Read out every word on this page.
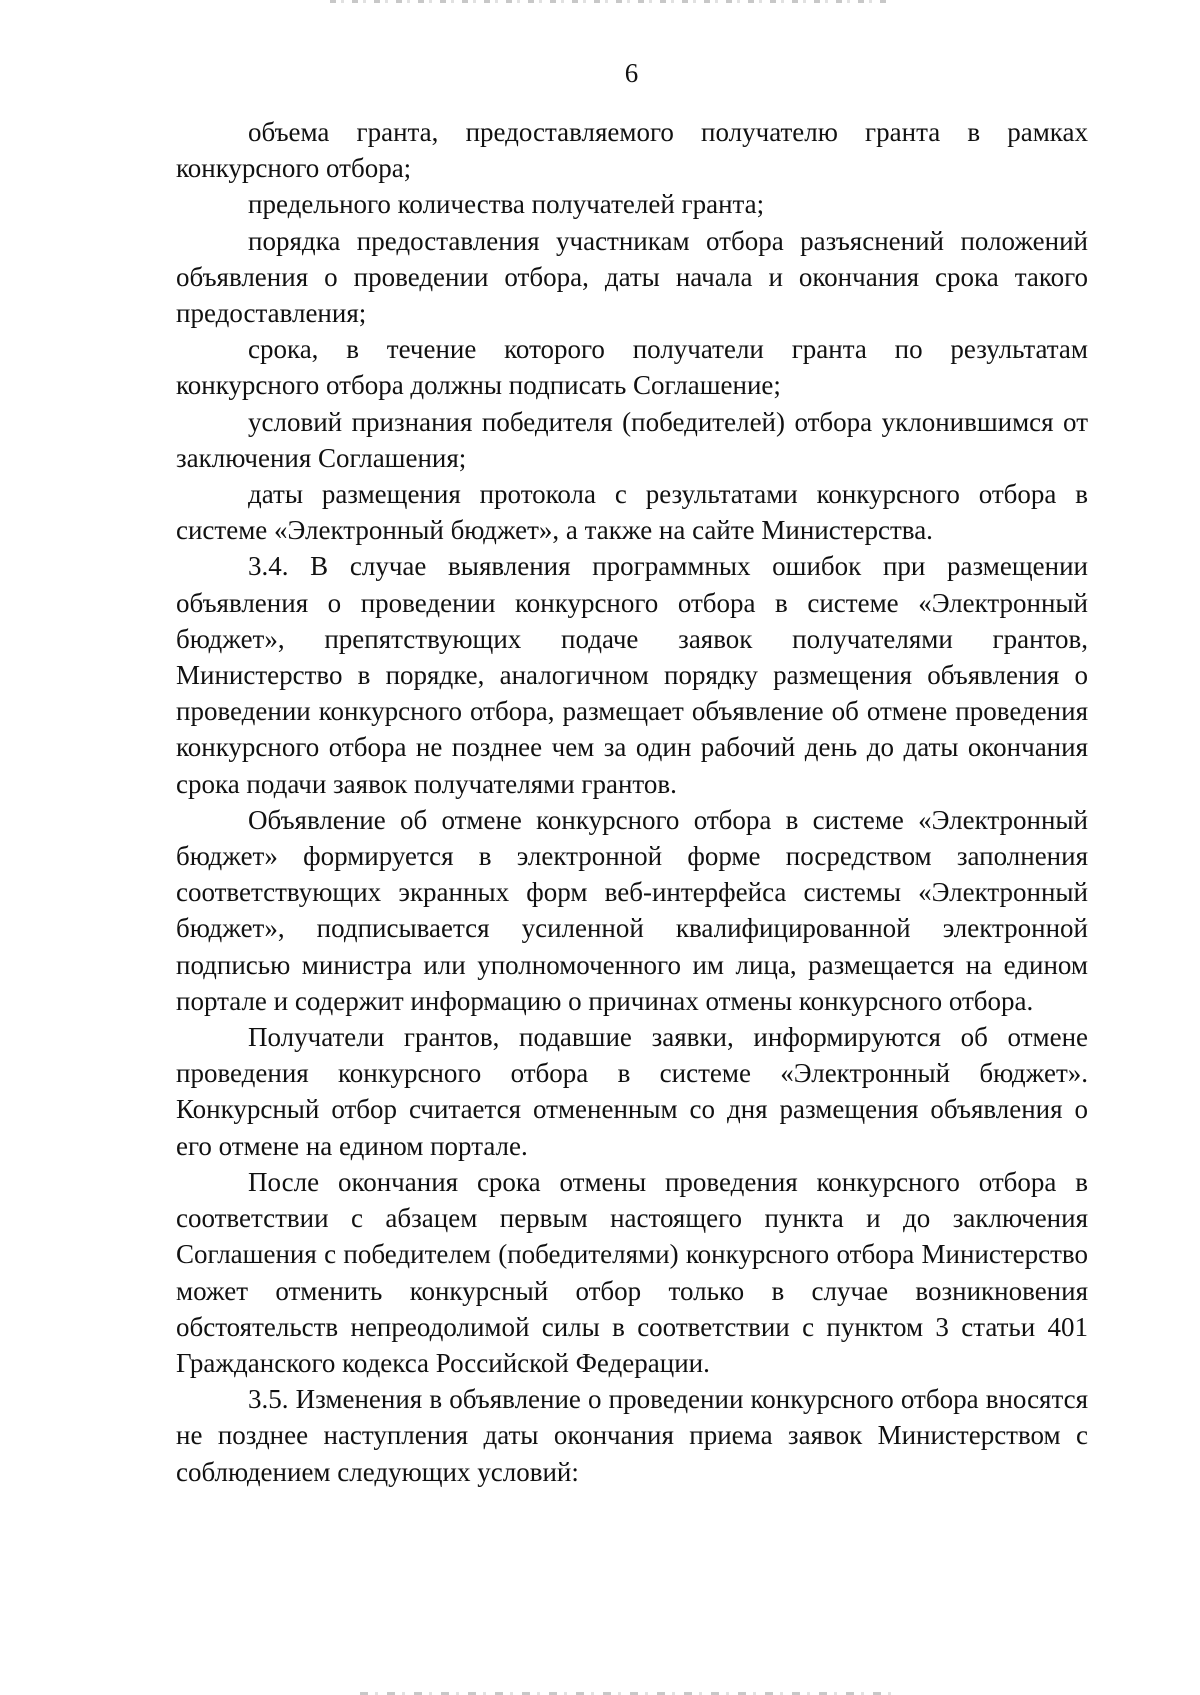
6

объема гранта, предоставляемого получателю гранта в рамках конкурсного отбора;

предельного количества получателей гранта;

порядка предоставления участникам отбора разъяснений положений объявления о проведении отбора, даты начала и окончания срока такого предоставления;

срока, в течение которого получатели гранта по результатам конкурсного отбора должны подписать Соглашение;

условий признания победителя (победителей) отбора уклонившимся от заключения Соглашения;

даты размещения протокола с результатами конкурсного отбора в системе «Электронный бюджет», а также на сайте Министерства.

3.4. В случае выявления программных ошибок при размещении объявления о проведении конкурсного отбора в системе «Электронный бюджет», препятствующих подаче заявок получателями грантов, Министерство в порядке, аналогичном порядку размещения объявления о проведении конкурсного отбора, размещает объявление об отмене проведения конкурсного отбора не позднее чем за один рабочий день до даты окончания срока подачи заявок получателями грантов.

Объявление об отмене конкурсного отбора в системе «Электронный бюджет» формируется в электронной форме посредством заполнения соответствующих экранных форм веб-интерфейса системы «Электронный бюджет», подписывается усиленной квалифицированной электронной подписью министра или уполномоченного им лица, размещается на едином портале и содержит информацию о причинах отмены конкурсного отбора.

Получатели грантов, подавшие заявки, информируются об отмене проведения конкурсного отбора в системе «Электронный бюджет». Конкурсный отбор считается отмененным со дня размещения объявления о его отмене на едином портале.

После окончания срока отмены проведения конкурсного отбора в соответствии с абзацем первым настоящего пункта и до заключения Соглашения с победителем (победителями) конкурсного отбора Министерство может отменить конкурсный отбор только в случае возникновения обстоятельств непреодолимой силы в соответствии с пунктом 3 статьи 401 Гражданского кодекса Российской Федерации.

3.5. Изменения в объявление о проведении конкурсного отбора вносятся не позднее наступления даты окончания приема заявок Министерством с соблюдением следующих условий:
